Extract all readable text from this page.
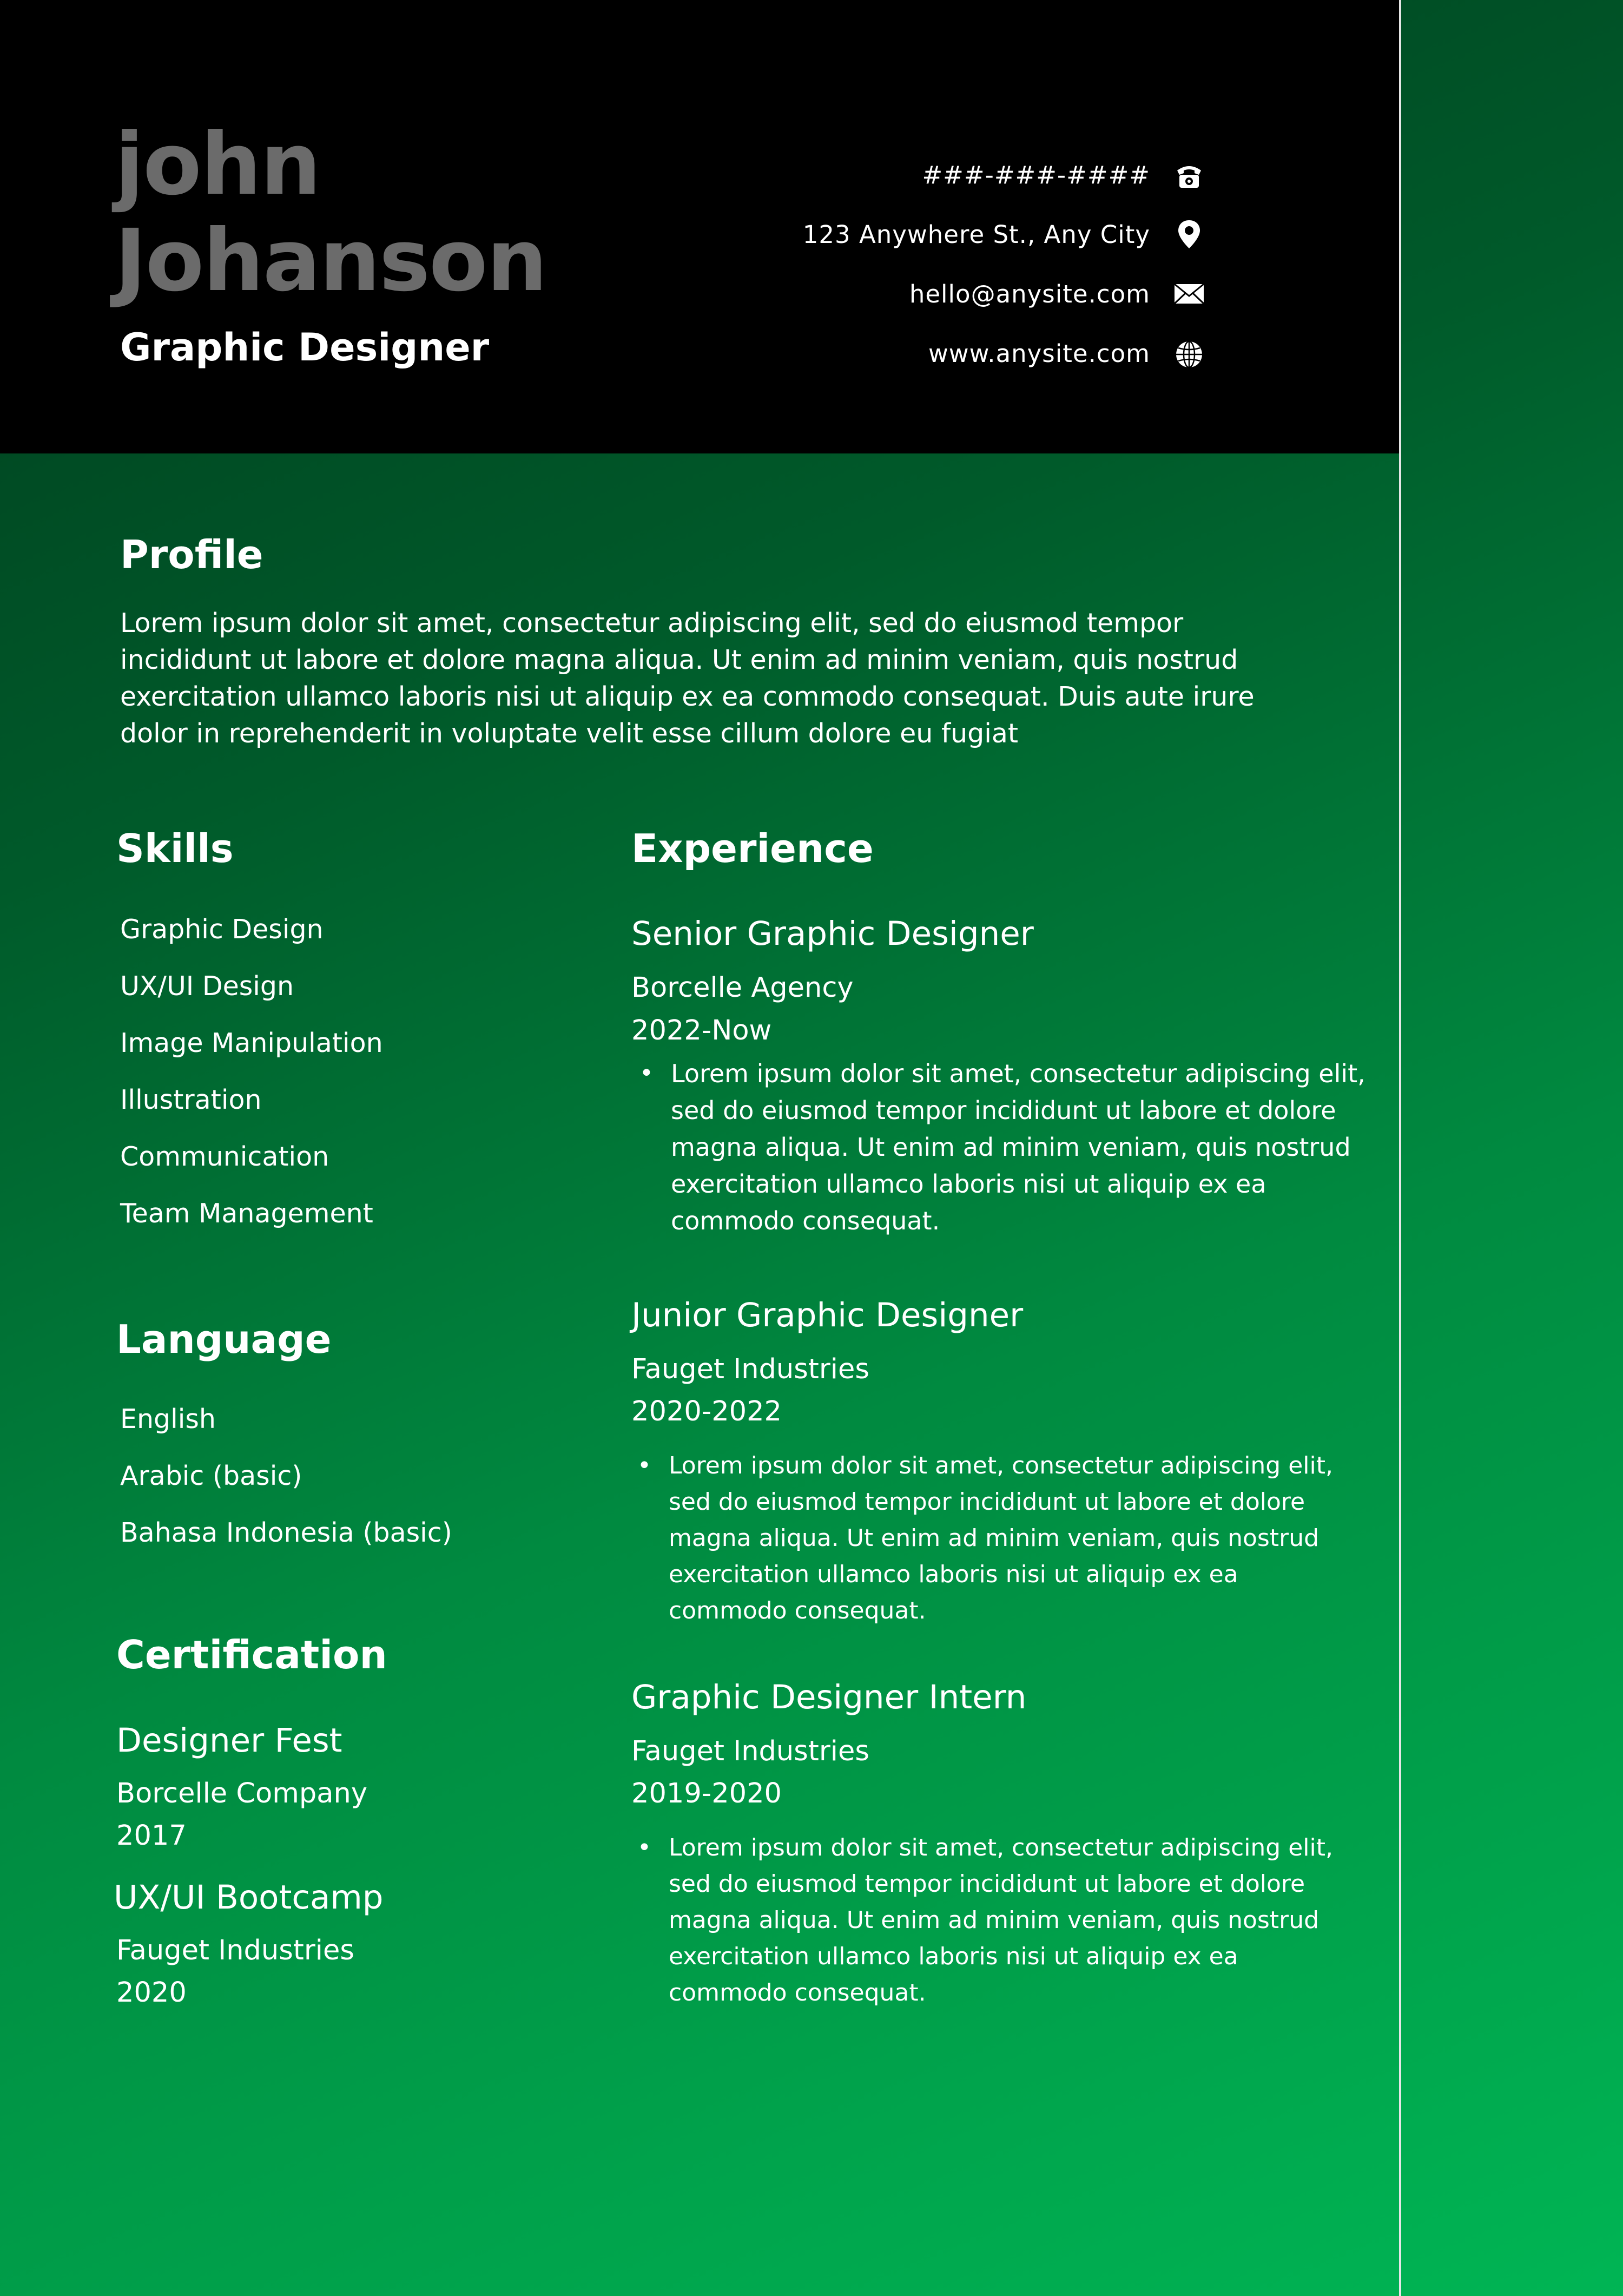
john
Johanson

Graphic Designer

###-###-####
123 Anywhere St., Any City
hello@anysite.com
www.anysite.com
Profile

Lorem ipsum dolor sit amet, consectetur adipiscing elit, sed do eiusmod tempor incididunt ut labore et dolore magna aliqua. Ut enim ad minim veniam, quis nostrud exercitation ullamco laboris nisi ut aliquip ex ea commodo consequat. Duis aute irure dolor in reprehenderit in voluptate velit esse cillum dolore eu fugiat

Skills
Graphic Design
UX/UI Design
Image Manipulation
Illustration
Communication
Team Management
Language
English
Arabic (basic)
Bahasa Indonesia (basic)
Certification

Designer Fest

Borcelle Company

2017

UX/UI Bootcamp

Fauget Industries

2020

Experience

Senior Graphic Designer

Borcelle Agency

2022-Now

• Lorem ipsum dolor sit amet, consectetur adipiscing elit, sed do eiusmod tempor incididunt ut labore et dolore magna aliqua. Ut enim ad minim veniam, quis nostrud exercitation ullamco laboris nisi ut aliquip ex ea commodo consequat.

Junior Graphic Designer

Fauget Industries

2020-2022

• Lorem ipsum dolor sit amet, consectetur adipiscing elit, sed do eiusmod tempor incididunt ut labore et dolore magna aliqua. Ut enim ad minim veniam, quis nostrud exercitation ullamco laboris nisi ut aliquip ex ea commodo consequat.

Graphic Designer Intern

Fauget Industries

2019-2020

• Lorem ipsum dolor sit amet, consectetur adipiscing elit, sed do eiusmod tempor incididunt ut labore et dolore magna aliqua. Ut enim ad minim veniam, quis nostrud exercitation ullamco laboris nisi ut aliquip ex ea commodo consequat.
